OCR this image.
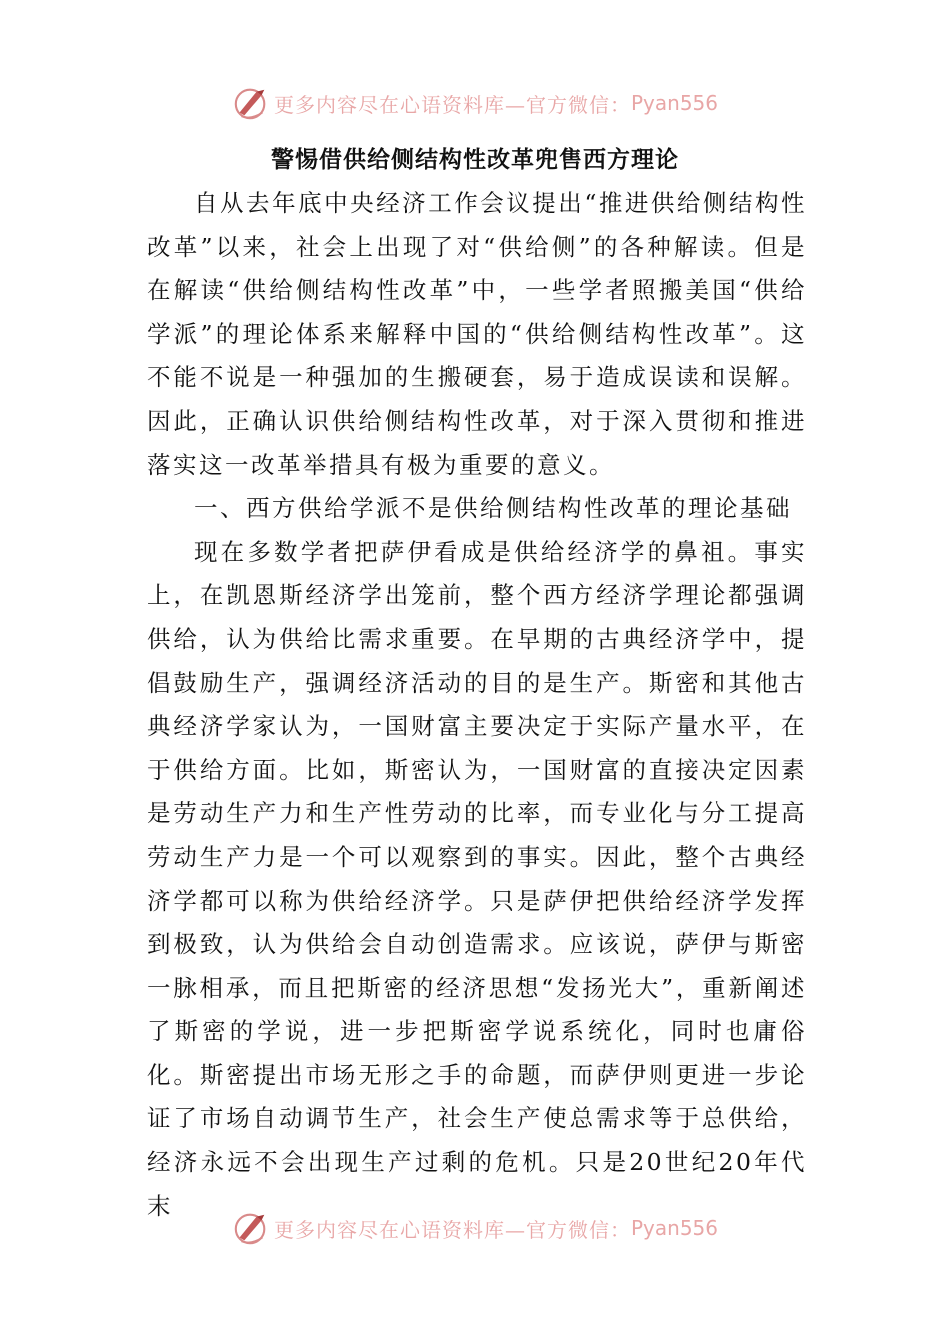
更多内容尽在心语资料库—官方微信： Pyan556
警惕借供给侧结构性改革兜售西方理论

自从去年底中央经济工作会议提出“推进供给侧结构性改革”以来，社会上出现了对“供给侧”的各种解读。但是在解读“供给侧结构性改革”中，一些学者照搬美国“供给学派”的理论体系来解释中国的“供给侧结构性改革”。这不能不说是一种强加的生搬硬套，易于造成误读和误解。因此，正确认识供给侧结构性改革，对于深入贯彻和推进落实这一改革举措具有极为重要的意义。

一、西方供给学派不是供给侧结构性改革的理论基础

现在多数学者把萨伊看成是供给经济学的鼻祖。事实上，在凯恩斯经济学出笼前，整个西方经济学理论都强调供给，认为供给比需求重要。在早期的古典经济学中，提倡鼓励生产，强调经济活动的目的是生产。斯密和其他古典经济学家认为，一国财富主要决定于实际产量水平，在于供给方面。比如，斯密认为，一国财富的直接决定因素是劳动生产力和生产性劳动的比率，而专业化与分工提高劳动生产力是一个可以观察到的事实。因此，整个古典经济学都可以称为供给经济学。只是萨伊把供给经济学发挥到极致，认为供给会自动创造需求。应该说，萨伊与斯密一脉相承，而且把斯密的经济思想“发扬光大”，重新阐述了斯密的学说，进一步把斯密学说系统化，同时也庸俗化。斯密提出市场无形之手的命题，而萨伊则更进一步论证了市场自动调节生产，社会生产使总需求等于总供给，经济永远不会出现生产过剩的危机。只是20世纪20年代末

更多内容尽在心语资料库—官方微信： Pyan556
